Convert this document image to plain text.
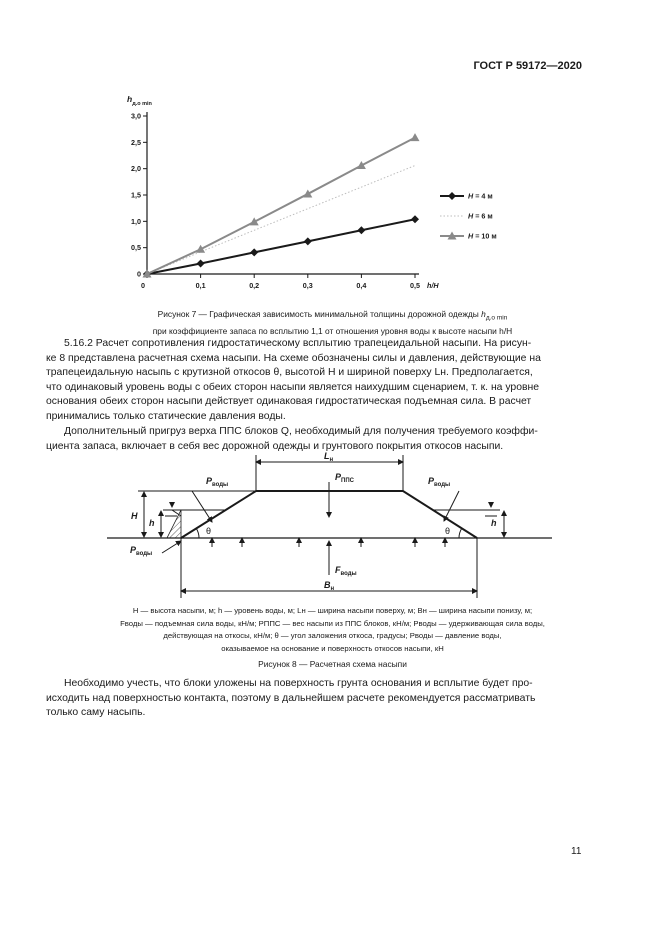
ГОСТ Р 59172—2020
0
0,5
1,0
1,5
2,0
2,5
3,0
0	0,1	0,2	0,3	0,4	0,5
$h_{д.о min}$
h/H
H = 4 м
H = 6 м
H = 10 м
Рисунок 7 — Графическая зависимость минимальной толщины дорожной одежды $h_{д.о min}$
при коэффициенте запаса по всплытию 1,1 от отношения уровня воды к высоте насыпи h/H
5.16.2 Расчет сопротивления гидростатическому всплытию трапецеидальной насыпи. На рисун-
ке 8 представлена расчетная схема насыпи. На схеме обозначены силы и давления, действующие на
трапецеидальную насыпь с крутизной откосов θ, высотой H и шириной поверху Lн. Предполагается,
что одинаковый уровень воды с обеих сторон насыпи является наихудшим сценарием, т. к. на уровне
основания обеих сторон насыпи действует одинаковая гидростатическая подъемная сила. В расчет
принимались только статические давления воды.
Дополнительный пригруз верха ППС блоков Q, необходимый для получения требуемого коэффи-
циента запаса, включает в себя вес дорожной одежды и грунтового покрытия откосов насыпи.
$L_н$
$P_{ППС}$
$P_{воды}$	$P_{воды}$
$P_{воды}$
$F_{воды}$
$B_н$
H
h	h
θ	θ
H — высота насыпи, м; h — уровень воды, м; Lн — ширина насыпи поверху, м; Bн — ширина насыпи понизу, м;
Fводы — подъемная сила воды, кН/м; PППС — вес насыпи из ППС блоков, кН/м; Pводы — удерживающая сила воды,
действующая на откосы, кН/м; θ — угол заложения откоса, градусы; Pводы — давление воды,
оказываемое на основание и поверхность откосов насыпи, кН
Рисунок 8 — Расчетная схема насыпи
Необходимо учесть, что блоки уложены на поверхность грунта основания и всплытие будет про-
исходить над поверхностью контакта, поэтому в дальнейшем расчете рекомендуется рассматривать
только саму насыпь.
11
